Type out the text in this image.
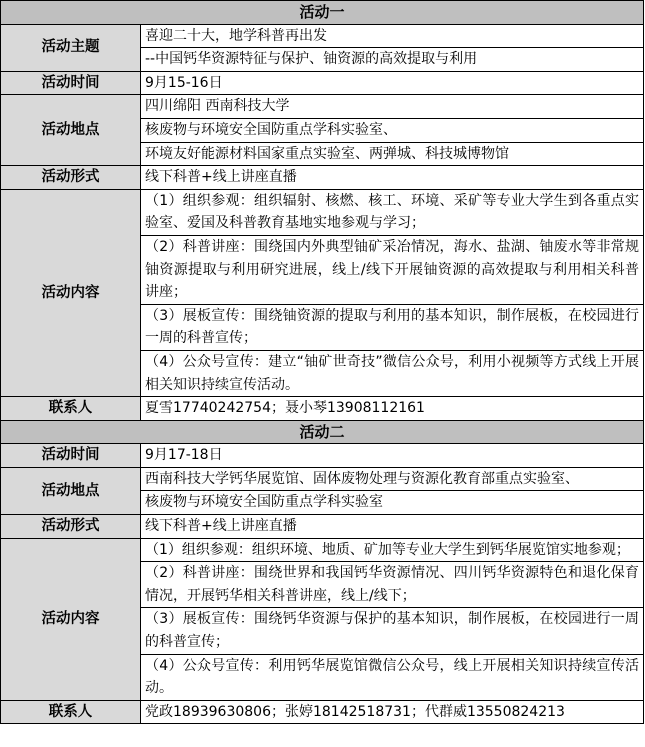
活动一	
活动主题	喜迎二十大，地学科普再出发
	--中国钙华资源特征与保护、铀资源的高效提取与利用
活动时间	9月15-16日
活动地点	四川绵阳 西南科技大学
	核废物与环境安全国防重点学科实验室、
	环境友好能源材料国家重点实验室、两弹城、科技城博物馆
活动形式	线下科普+线上讲座直播
活动内容	（1）组织参观：组织辐射、核燃、核工、环境、采矿等专业大学生到各重点实验室、爱国及科普教育基地实地参观与学习；
	（2）科普讲座：围绕国内外典型铀矿采冶情况，海水、盐湖、铀废水等非常规铀资源提取与利用研究进展，线上/线下开展铀资源的高效提取与利用相关科普讲座；
	（3）展板宣传：围绕铀资源的提取与利用的基本知识，制作展板，在校园进行一周的科普宣传；
	（4）公众号宣传：建立“铀矿世奇技”微信公众号，利用小视频等方式线上开展相关知识持续宣传活动。
联系人	夏雪17740242754；聂小琴13908112161
活动二	
活动时间	9月17-18日
活动地点	西南科技大学钙华展览馆、固体废物处理与资源化教育部重点实验室、
	核废物与环境安全国防重点学科实验室
活动形式	线下科普+线上讲座直播
活动内容	（1）组织参观：组织环境、地质、矿加等专业大学生到钙华展览馆实地参观；
	（2）科普讲座：围绕世界和我国钙华资源情况、四川钙华资源特色和退化保育情况，开展钙华相关科普讲座，线上/线下；
	（3）展板宣传：围绕钙华资源与保护的基本知识，制作展板，在校园进行一周的科普宣传；
	（4）公众号宣传：利用钙华展览馆微信公众号，线上开展相关知识持续宣传活动。
联系人	党政18939630806；张婷18142518731；代群威13550824213
